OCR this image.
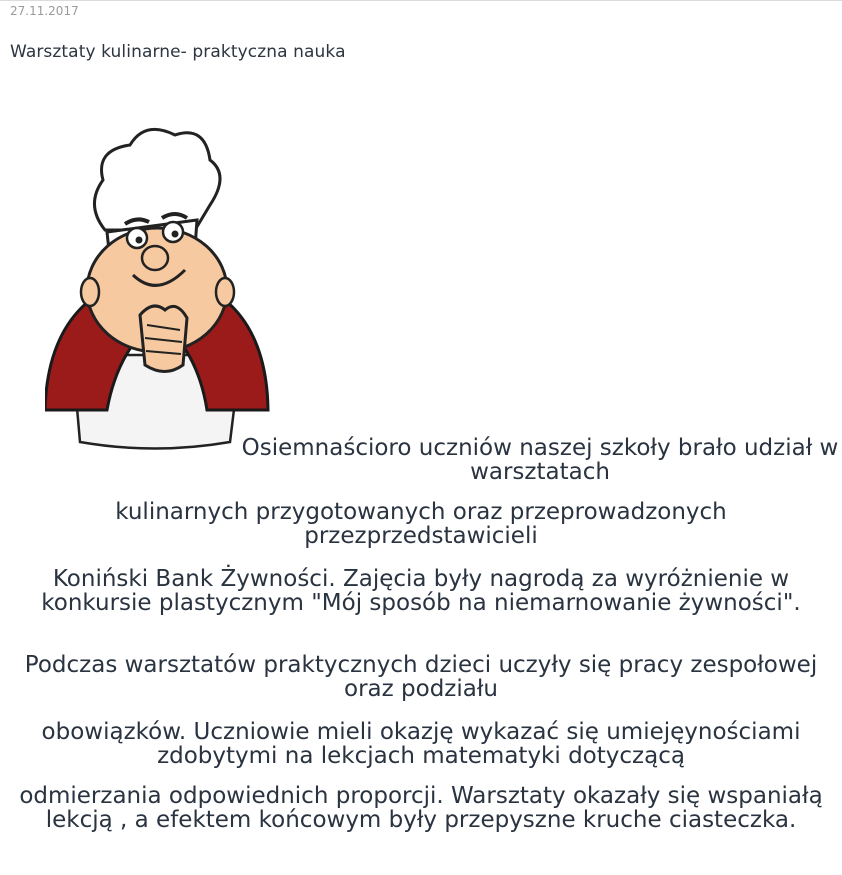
27.11.2017
Warsztaty kulinarne- praktyczna nauka
Osiemnaścioro uczniów naszej szkoły brało udział w warsztatach
kulinarnych przygotowanych oraz przeprowadzonych przezprzedstawicieli
Koniński Bank Żywności. Zajęcia były nagrodą za wyróżnienie w konkursie plastycznym "Mój sposób na niemarnowanie żywności".
Podczas warsztatów praktycznych dzieci uczyły się pracy zespołowej oraz podziału
obowiązków. Uczniowie mieli okazję wykazać się umiejęynościami zdobytymi na lekcjach matematyki dotyczącą
odmierzania odpowiednich proporcji. Warsztaty okazały się wspaniałą lekcją , a efektem końcowym były przepyszne kruche ciasteczka.
